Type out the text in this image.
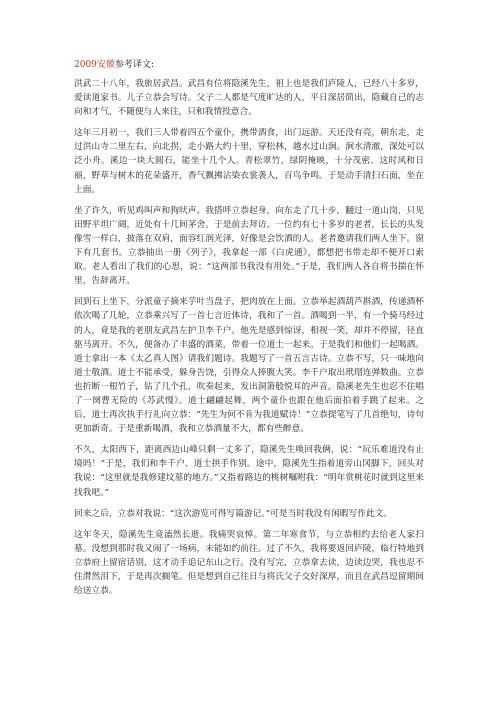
2009安徽参考译文:

洪武二十八年，我旅居武昌。武昌有位将隐溪先生，祖上也是我们庐陵人，已经八十多岁，爱读道家书。儿子立恭会写诗。父子二人都是气度旷达的人，平日深居简出，隐藏自己的志向和才气，不随便与人来往，只和我情投意合。

这年三月初一，我们三人带着四五个童仆，携带酒食，出门远游。天还没有亮，朝东走，走过洪山寺二里左右，向北拐，走小路大约十里，穿松林，越水过山涧。涧水清澈，深处可以泛小舟。溪边一块大圆石，能坐十几个人。青松翠竹，绿阴掩映，十分茂密。这时风和日丽，野草与树木的花朵盛开，香气飘拂沾染衣裳袭人，百鸟争鸣。于是动手清扫石面，坐在上面。

坐了许久，听见鸡叫声和狗吠声。我搭呼立恭起身，向东走了几十步，翻过一道山岗，只见田野平坦广阔，近处有十几间茅舍。于是前去拜访。一位约有七十多岁的老者，长长的头发像雪一样白，披落在双肩，面容红润光泽，好像是会饮酒的人。老者邀请我们两人坐下。窗下有几套书。立恭抽出一册《列子》，我拿起一部《白虎通》，都想把书带走却不便开口索取。老人看出了我们的心思，说：“这两部书我没有用处。”于是，我们两人各自将书揣在怀里，告辞离开。

回到石上坐下，分派童子摘来芋叶当盘子，把肉放在上面。立恭举起酒葫芦斟酒，传递酒杯依次喝了几轮，立恭乘兴写了一首七言近体诗，我和了一首。酒喝到一半，有一个骑马经过的人，竟是我的老朋友武昌左护卫李千户。他先是感到惊讶，相视一笑，却并不停留，径直驱马离开。不久，便备办了丰盛的酒菜，带着一位道士一起来。于是我们和他们一起喝酒。道士拿出一本《太乙真人图》请我们题诗。我题写了一首五言古诗。立恭不写，只一味地向道士敬酒。道士不能承受，躲身告饶，引得众人捧腹大笑。李千户取出玳瑁连弹数曲。立恭也折断一根竹子，钻了几个孔，吹奏起来，发出洞箫般悦耳的声音。隐溪老先生也忍不住唱了一阕曹无险的《苏武慢》。道士翩翩起舞，两个童仆也跟在他后面拍着手跳了起来。之后，道士再次执手行礼向立恭：“先生为何不肯为我道赋诗！”立恭提笔写了几首绝句，诗句更加新奇。于是重新喝酒，我和立恭酒量不大，都有些醉意。

不久，太阳西下，距离西边山峰只剩一丈多了，隐溪先生唤回我俩，说：“玩乐难道没有止境吗！”于是，我们和李千户、道士拱手作别。途中，隐溪先生指着道旁山冈脚下，回头对我说：“这里就是我修建坟墓的地方。”又指着路边的桃树嘱咐我：“明年赏桃花时就到这里来找我吧。”

回来之后，立恭对我说：“这次游览可得写篇游记。”可是当时我没有闲暇写作此文。

这年冬天，隐溪先生竟溘然长逝。我痛哭哀悼。第二年寒食节，与立恭相约去给老人家扫墓。没想到那时我又闹了一场病，未能如约前往。过了不久，我将要返回庐陵，临行特地到立恭府上留宿话别，这才动手追记东山之行。没有写完，立恭拿去读，边读边哭，我也忍不住潸然泪下，于是再次搁笔。但是想到自己往日与将氏父子交好深厚，而且在武昌逗留期间给送立恭。
